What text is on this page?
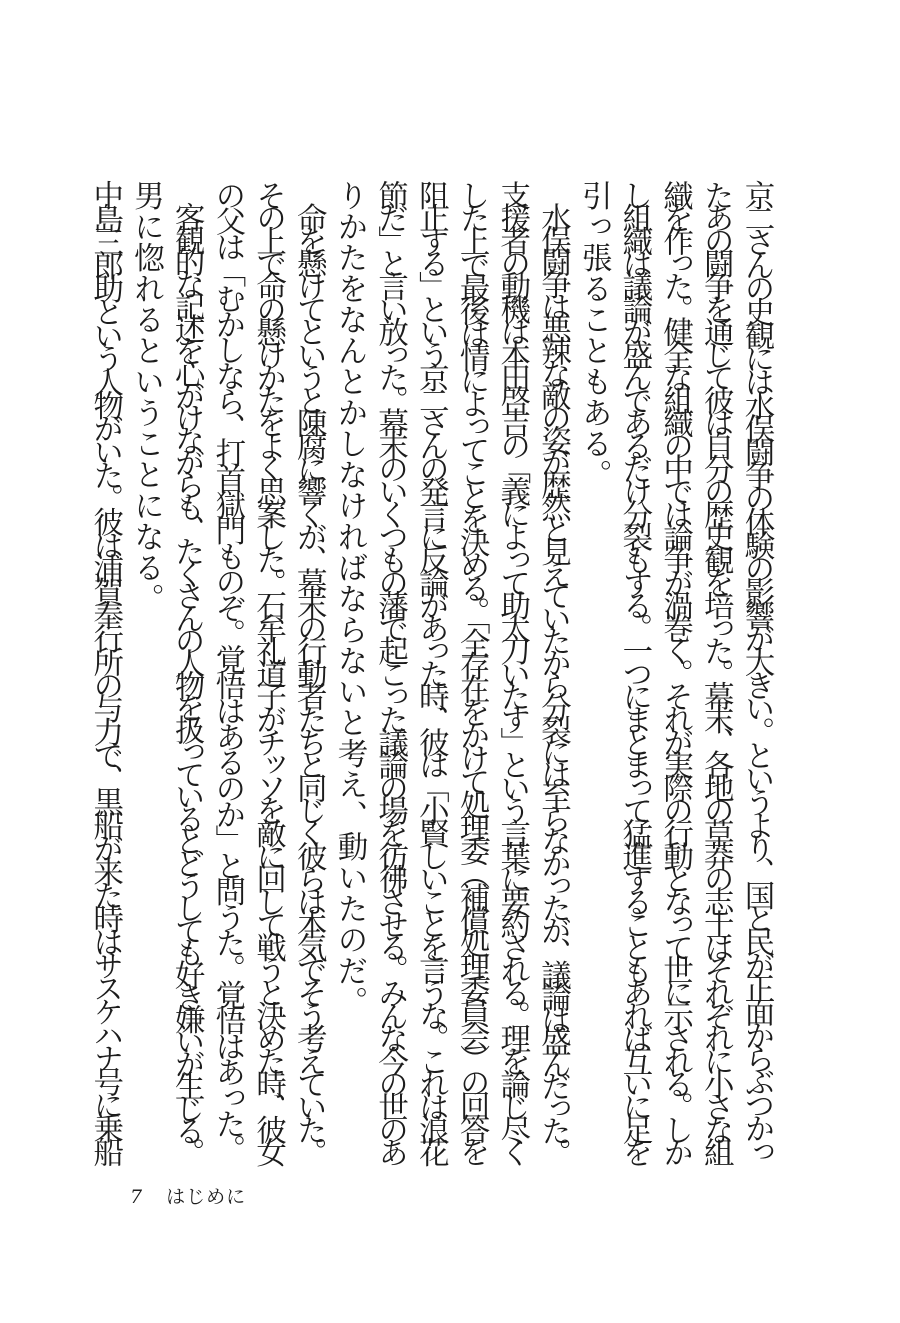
京二さんの史観には水俣闘争の体験の影響が大きい。というより、国と民が正面からぶつかっ

たあの闘争を通じて彼は自分の歴史観を培った。幕末、各地の草莽の志士はそれぞれに小さな組

織を作った。健全な組織の中では論争が渦巻く。それが実際の行動となって世に示される。しか

し組織は議論が盛んであるだけ分裂もする。一つにまとまって猛進することもあれば互いに足を

引っ張ることもある。

　水俣闘争は悪辣な敵の姿が歴然と見えていたから分裂には至らなかったが、議論は盛んだった。

支援者の動機は本田啓吉の「義によって助太刀いたす」という言葉に要約される。理を論じ尽く

した上で最後は情によってことを決める。「全存在をかけて処理委（補償処理委員会）の回答を

阻止する」という京二さんの発言に反論があった時、彼は「小賢しいことを言うな。これは浪花

節だ」と言い放った。幕末のいくつもの藩で起こった議論の場を彷彿させる。みんな今の世のあ

りかたをなんとかしなければならないと考え、動いたのだ。

　命を懸けてというと陳腐に響くが、幕末の行動者たちと同じく彼らは本気でそう考えていた。

その上で命の懸けかたをよく思案した。石牟礼道子がチッソを敵に回して戦うと決めた時、彼女

の父は「むかしなら、打首獄門ものぞ。覚悟はあるのか」と問うた。覚悟はあった。

　客観的な記述を心がけながらも、たくさんの人物を扱っているとどうしても好き嫌いが生じる。

男に惚れるということになる。

中島三郎助という人物がいた。彼は浦賀奉行所の与力で、黒船が来た時はサスケハナ号に乗船

7 はじめに
